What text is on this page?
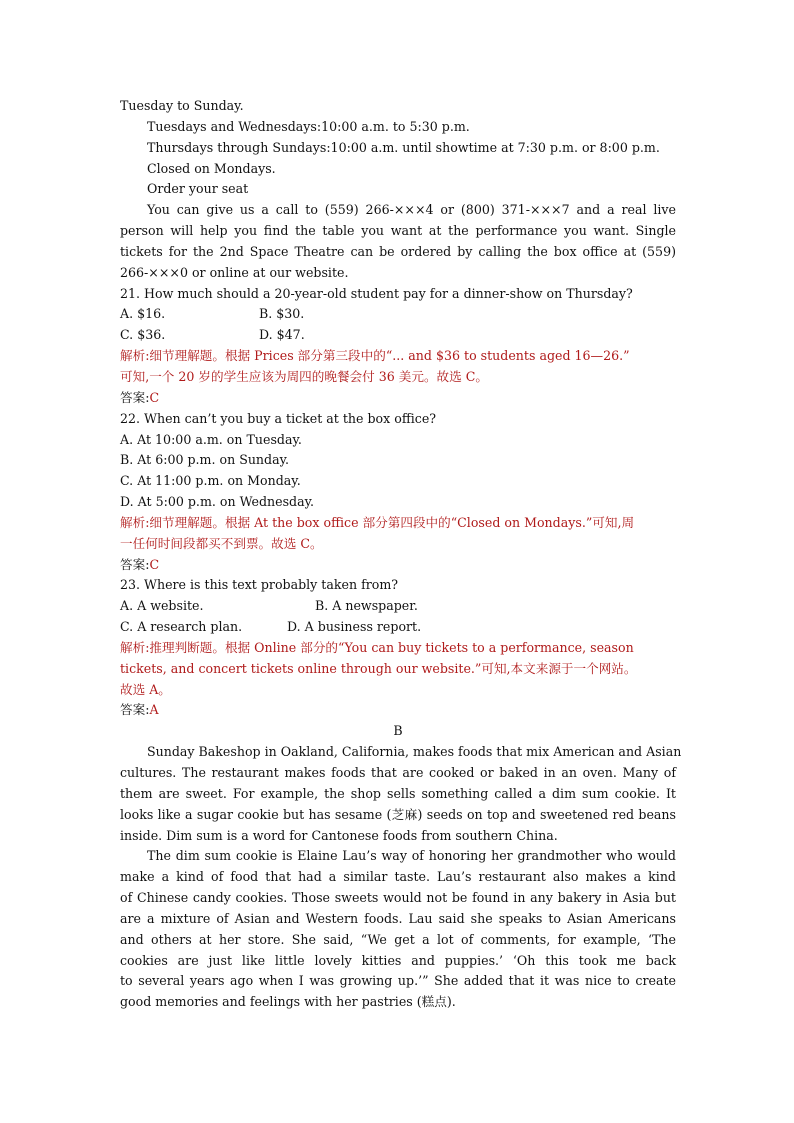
Tuesday to Sunday.

Tuesdays and Wednesdays:10:00 a.m. to 5:30 p.m.

Thursdays through Sundays:10:00 a.m. until showtime at 7:30 p.m. or 8:00 p.m.

Closed on Mondays.

Order your seat

You can give us a call to (559) 266-×××4 or (800) 371-×××7 and a real live

person will help you find the table you want at the performance you want. Single

tickets for the 2nd Space Theatre can be ordered by calling the box office at (559)

266-×××0 or online at our website.

21. How much should a 20-year-old student pay for a dinner-show on Thursday?

A. $16.	B. $30.
C. $36.	D. $47.

解析:细节理解题。根据 Prices 部分第三段中的“... and $36 to students aged 16—26.”

可知,一个 20 岁的学生应该为周四的晚餐会付 36 美元。故选 C。

答案:C

22. When can’t you buy a ticket at the box office?

A. At 10:00 a.m. on Tuesday.

B. At 6:00 p.m. on Sunday.

C. At 11:00 p.m. on Monday.

D. At 5:00 p.m. on Wednesday.

解析:细节理解题。根据 At the box office 部分第四段中的“Closed on Mondays.”可知,周

一任何时间段都买不到票。故选 C。

答案:C

23. Where is this text probably taken from?

A. A website.	B. A newspaper.
C. A research plan.	D. A business report.

解析:推理判断题。根据 Online 部分的“You can buy tickets to a performance, season

tickets, and concert tickets online through our website.”可知,本文来源于一个网站。

故选 A。

答案:A

B

Sunday Bakeshop in Oakland, California, makes foods that mix American and Asian

cultures. The restaurant makes foods that are cooked or baked in an oven. Many of

them are sweet. For example, the shop sells something called a dim sum cookie. It

looks like a sugar cookie but has sesame (芝麻) seeds on top and sweetened red beans

inside. Dim sum is a word for Cantonese foods from southern China.

The dim sum cookie is Elaine Lau’s way of honoring her grandmother who would

make a kind of food that had a similar taste. Lau’s restaurant also makes a kind

of Chinese candy cookies. Those sweets would not be found in any bakery in Asia but

are a mixture of Asian and Western foods. Lau said she speaks to Asian Americans

and others at her store. She said, “We get a lot of comments, for example, ‘The

cookies are just like little lovely kitties and puppies.’ ‘Oh this took me back

to several years ago when I was growing up.’” She added that it was nice to create

good memories and feelings with her pastries (糕点).
